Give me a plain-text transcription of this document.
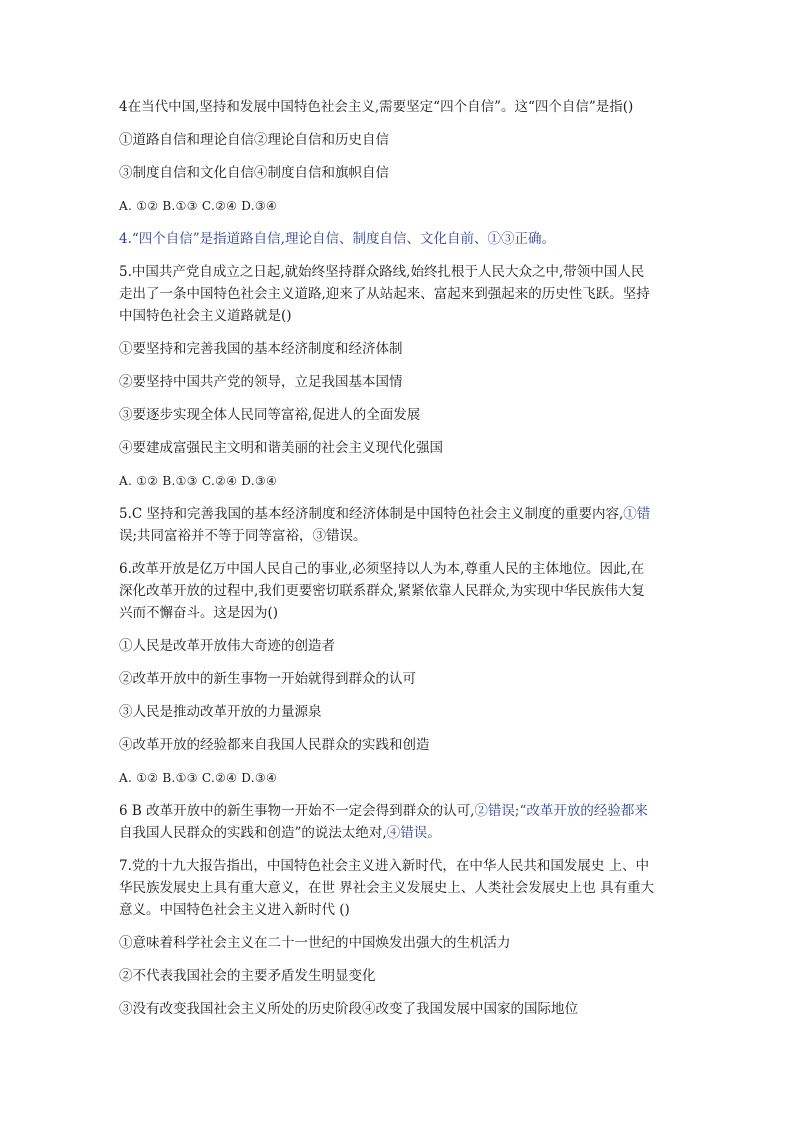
4在当代中国,坚持和发展中国特色社会主义,需要坚定“四个自信”。这“四个自信”是指()
①道路自信和理论自信②理论自信和历史自信
③制度自信和文化自信④制度自信和旗帜自信
A. ①② B.①③ C.②④ D.③④
4.“四个自信”是指道路自信,理论自信、制度自信、文化自前、①③正确。
5.中国共产党自成立之日起,就始终坚持群众路线,始终扎根于人民大众之中,带领中国人民
走出了一条中国特色社会主义道路,迎来了从站起来、富起来到强起来的历史性飞跃。坚持
中国特色社会主义道路就是()
①要坚持和完善我国的基本经济制度和经济体制
②要坚持中国共产党的领导，立足我国基本国情
③要逐步实现全体人民同等富裕,促进人的全面发展
④要建成富强民主文明和谐美丽的社会主义现代化强国
A. ①② B.①③ C.②④ D.③④
5.C 坚持和完善我国的基本经济制度和经济体制是中国特色社会主义制度的重要内容,①错
误;共同富裕并不等于同等富裕，③错误。
6.改革开放是亿万中国人民自己的事业,必须坚持以人为本,尊重人民的主体地位。因此,在
深化改革开放的过程中,我们更要密切联系群众,紧紧依靠人民群众,为实现中华民族伟大复
兴而不懈奋斗。这是因为()
①人民是改革开放伟大奇迹的创造者
②改革开放中的新生事物一开始就得到群众的认可
③人民是推动改革开放的力量源泉
④改革开放的经验都来自我国人民群众的实践和创造
A. ①② B.①③ C.②④ D.③④
6 B 改革开放中的新生事物一开始不一定会得到群众的认可,②错误;“改革开放的经验都来
自我国人民群众的实践和创造”的说法太绝对,④错误。
7.党的十九大报告指出，中国特色社会主义进入新时代，在中华人民共和国发展史 上、中
华民族发展史上具有重大意义，在世 界社会主义发展史上、人类社会发展史上也 具有重大
意义。中国特色社会主义进入新时代 ()
①意味着科学社会主义在二十一世纪的中国焕发出强大的生机活力
②不代表我国社会的主要矛盾发生明显变化
③没有改变我国社会主义所处的历史阶段④改变了我国发展中国家的国际地位
